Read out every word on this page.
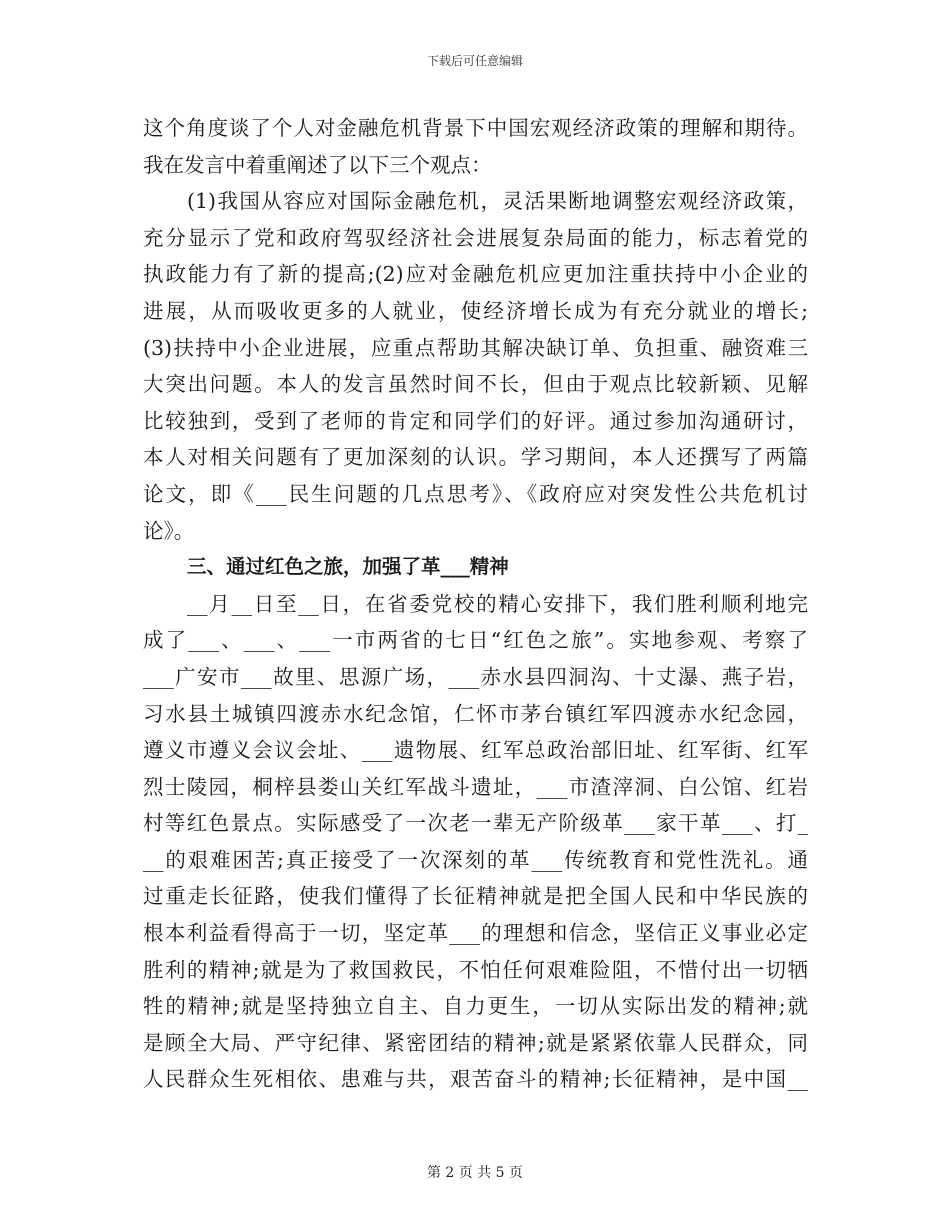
下载后可任意编辑
这个角度谈了个人对金融危机背景下中国宏观经济政策的理解和期待。
我在发言中着重阐述了以下三个观点：
(1)我国从容应对国际金融危机，灵活果断地调整宏观经济政策，
充分显示了党和政府驾驭经济社会进展复杂局面的能力，标志着党的
执政能力有了新的提高;(2)应对金融危机应更加注重扶持中小企业的
进展，从而吸收更多的人就业，使经济增长成为有充分就业的增长;
(3)扶持中小企业进展，应重点帮助其解决缺订单、负担重、融资难三
大突出问题。本人的发言虽然时间不长，但由于观点比较新颖、见解
比较独到，受到了老师的肯定和同学们的好评。通过参加沟通研讨，
本人对相关问题有了更加深刻的认识。学习期间，本人还撰写了两篇
论文，即《___民生问题的几点思考》、《政府应对突发性公共危机讨
论》。
三、通过红色之旅，加强了革___精神
__月__日至__日，在省委党校的精心安排下，我们胜利顺利地完
成了___、___、___一市两省的七日“红色之旅”。实地参观、考察了
___广安市___故里、思源广场，___赤水县四洞沟、十丈瀑、燕子岩，
习水县土城镇四渡赤水纪念馆，仁怀市茅台镇红军四渡赤水纪念园，
遵义市遵义会议会址、___遗物展、红军总政治部旧址、红军街、红军
烈士陵园，桐梓县娄山关红军战斗遗址，___市渣滓洞、白公馆、红岩
村等红色景点。实际感受了一次老一辈无产阶级革___家干革___、打_
__的艰难困苦;真正接受了一次深刻的革___传统教育和党性洗礼。通
过重走长征路，使我们懂得了长征精神就是把全国人民和中华民族的
根本利益看得高于一切，坚定革___的理想和信念，坚信正义事业必定
胜利的精神;就是为了救国救民，不怕任何艰难险阻，不惜付出一切牺
牲的精神;就是坚持独立自主、自力更生，一切从实际出发的精神;就
是顾全大局、严守纪律、紧密团结的精神;就是紧紧依靠人民群众，同
人民群众生死相依、患难与共，艰苦奋斗的精神;长征精神，是中国__
第 2 页 共 5 页
